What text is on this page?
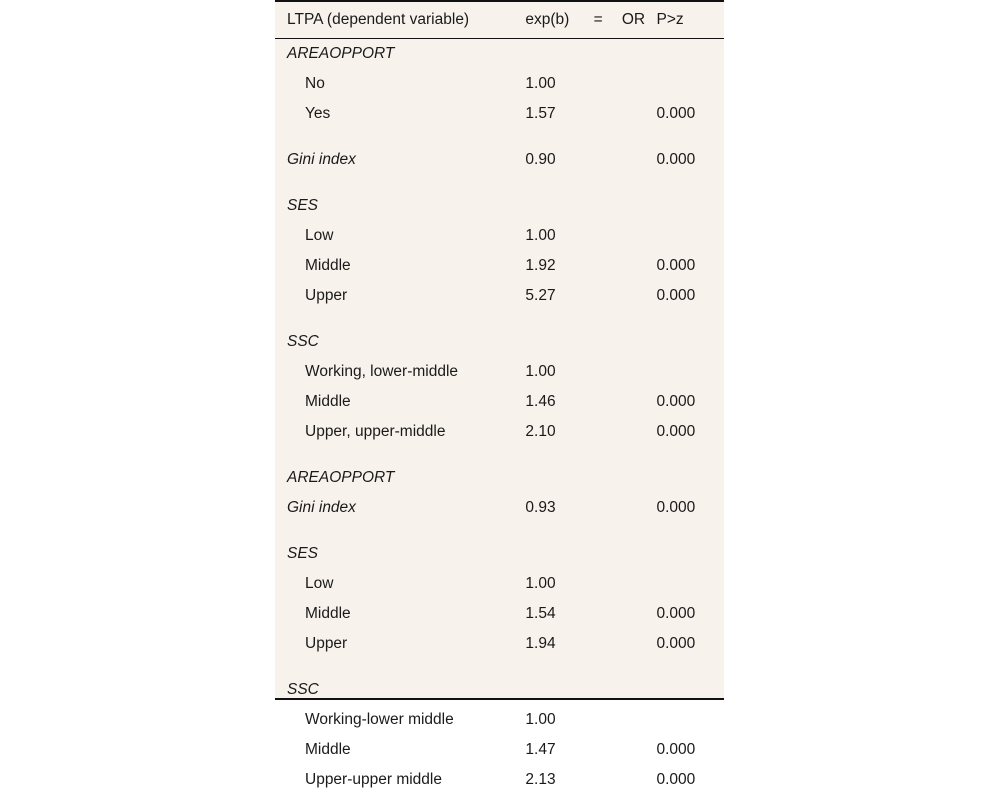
LTPA (dependent variable)	exp(b)	=	OR	P>z
AREAOPPORT				
No	1.00			
Yes	1.57			0.000

Gini index	0.90			0.000

SES				
Low	1.00			
Middle	1.92			0.000
Upper	5.27			0.000

SSC				
Working, lower-middle	1.00			
Middle	1.46			0.000
Upper, upper-middle	2.10			0.000

AREAOPPORT				
Gini index	0.93			0.000

SES				
Low	1.00			
Middle	1.54			0.000
Upper	1.94			0.000

SSC				
Working-lower middle	1.00			
Middle	1.47			0.000
Upper-upper middle	2.13			0.000
